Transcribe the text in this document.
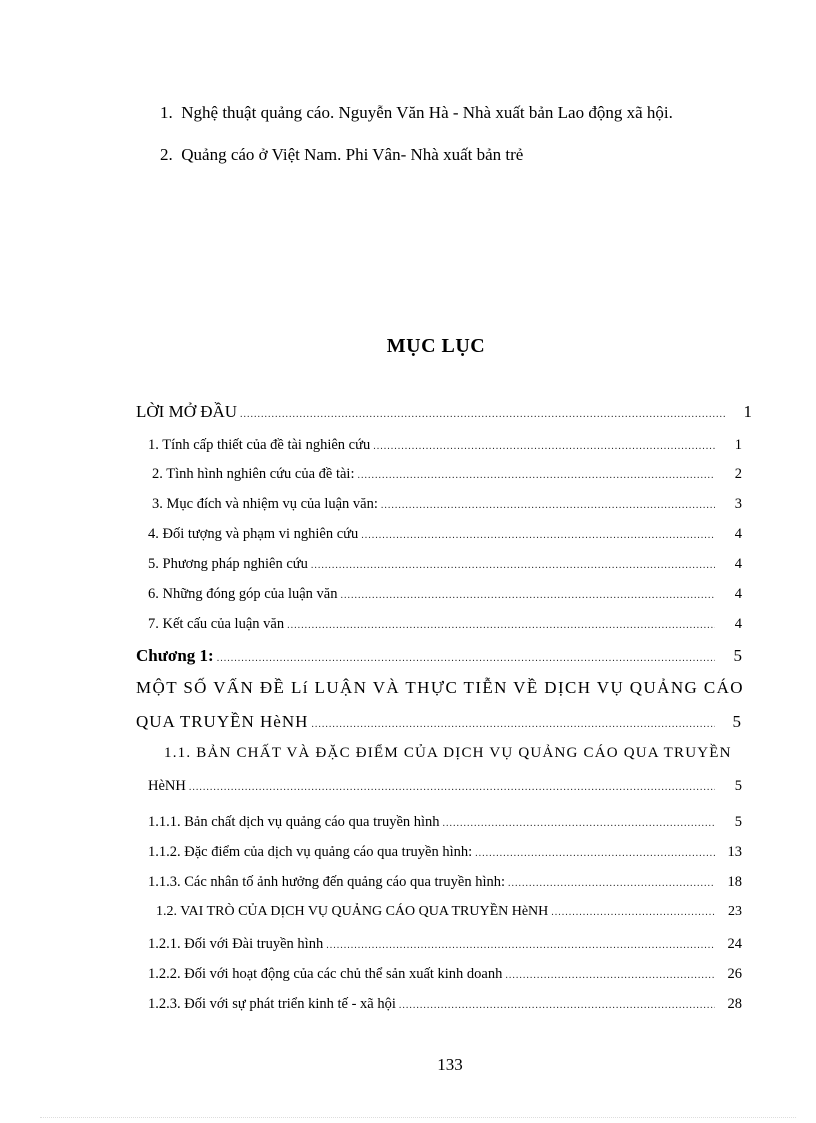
1. Nghệ thuật quảng cáo. Nguyễn Văn Hà - Nhà xuất bản Lao động xã hội.
2. Quảng cáo ở Việt Nam. Phi Vân- Nhà xuất bản trẻ
MỤC LỤC
LỜI MỞ ĐẦU .....	1
1. Tính cấp thiết của đề tài nghiên cứu .....	1
2. Tình hình nghiên cứu của đề tài: .....	2
3. Mục đích và nhiệm vụ của luận văn: .....	3
4. Đối tượng và phạm vi nghiên cứu .....	4
5. Phương pháp nghiên cứu .....	4
6. Những đóng góp của luận văn .....	4
7. Kết cấu của luận văn .....	4
Chương 1: .....	5
MỘT SỐ VẤN ĐỀ Lí LUẬN VÀ THỰC TIỄN VỀ DỊCH VỤ QUẢNG CÁO
QUA TRUYỀN HèNH .....	5
1.1. BẢN CHẤT VÀ ĐẶC ĐIỂM CỦA DỊCH VỤ QUẢNG CÁO QUA TRUYỀN
HèNH .....	5
1.1.1. Bản chất dịch vụ quảng cáo qua truyền hình .....	5
1.1.2. Đặc điểm của dịch vụ quảng cáo qua truyền hình: .....	13
1.1.3. Các nhân tố ảnh hưởng đến quảng cáo qua truyền hình: .....	18
1.2. VAI TRÒ CỦA DỊCH VỤ QUẢNG CÁO QUA TRUYỀN HèNH .....	23
1.2.1. Đối với Đài truyền hình .....	24
1.2.2. Đối với hoạt động của các chủ thể sản xuất kinh doanh .....	26
1.2.3. Đối với sự phát triển kinh tế - xã hội .....	28
133
